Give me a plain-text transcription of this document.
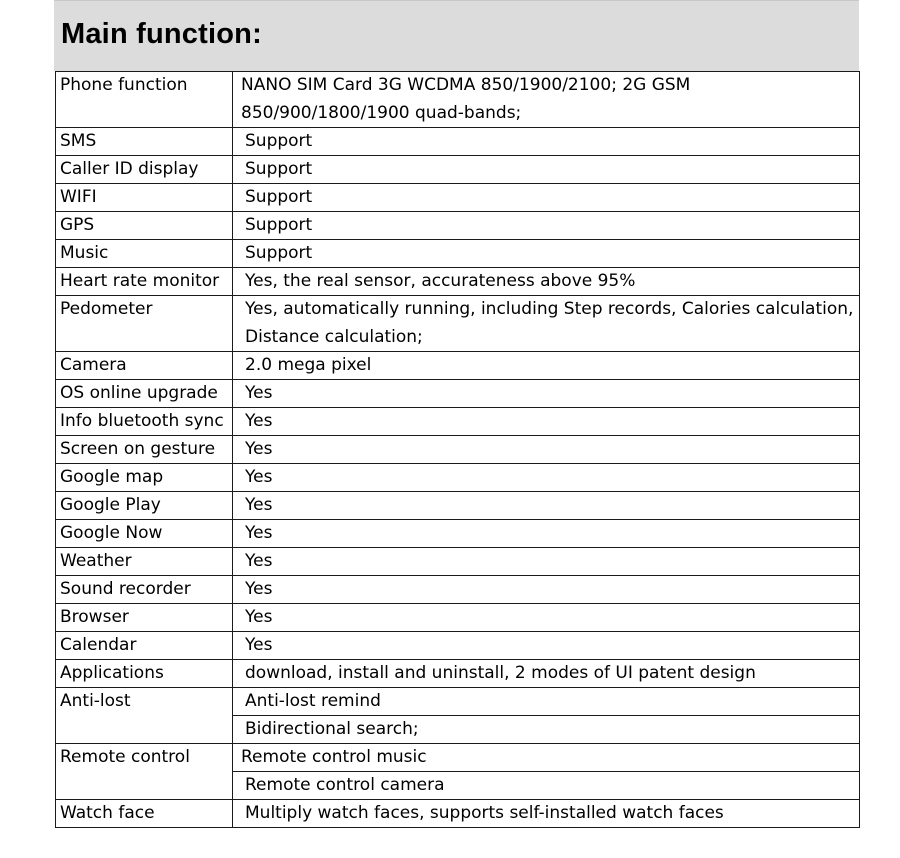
Main function:
Phone function	NANO SIM Card 3G WCDMA 850/1900/2100; 2G GSM 850/900/1800/1900 quad-bands;
SMS	Support
Caller ID display	Support
WIFI	Support
GPS	Support
Music	Support
Heart rate monitor	Yes, the real sensor, accurateness above 95%
Pedometer	Yes, automatically running, including Step records, Calories calculation, Distance calculation;
Camera	2.0 mega pixel
OS online upgrade	Yes
Info bluetooth sync	Yes
Screen on gesture	Yes
Google map	Yes
Google Play	Yes
Google Now	Yes
Weather	Yes
Sound recorder	Yes
Browser	Yes
Calendar	Yes
Applications	download, install and uninstall, 2 modes of UI patent design
Anti-lost	Anti-lost remind
	Bidirectional search;
Remote control	Remote control music
	Remote control camera
Watch face	Multiply watch faces, supports self-installed watch faces
